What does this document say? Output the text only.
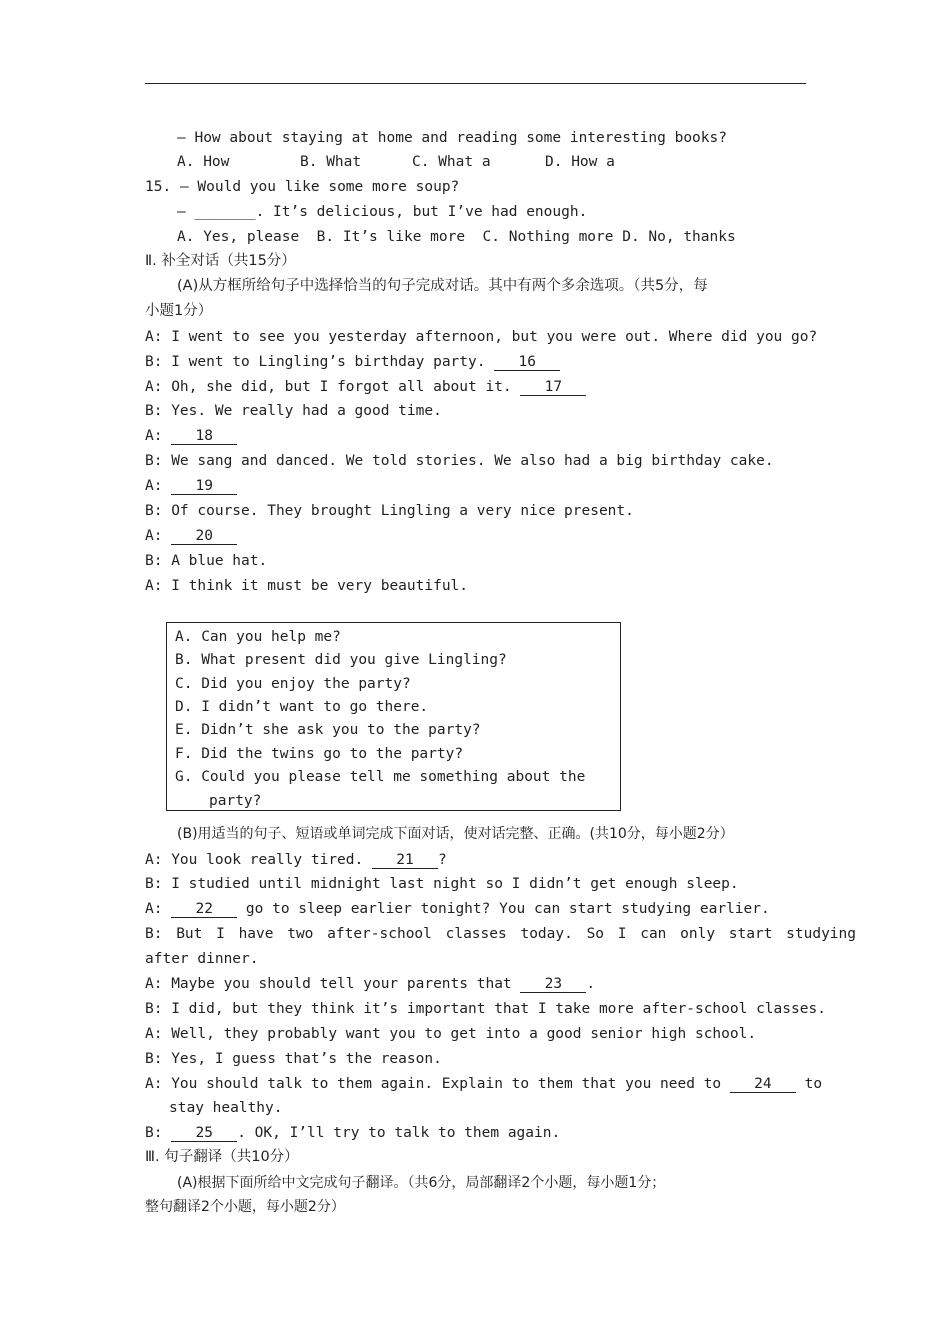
— How about staying at home and reading some interesting books?
A. How	B. What	C. What a	D. How a
15. — Would you like some more soup?
— _______. It’s delicious, but I’ve had enough.
A. Yes, please  B. It’s like more  C. Nothing more D. No, thanks
Ⅱ. 补全对话（共15分）
(A)从方框所给句子中选择恰当的句子完成对话。其中有两个多余选项。（共5分，每
小题1分）
A: I went to see you yesterday afternoon, but you were out. Where did you go?
B: I went to Lingling’s birthday party. 16
A: Oh, she did, but I forgot all about it. 17
B: Yes. We really had a good time.
A: 18
B: We sang and danced. We told stories. We also had a big birthday cake.
A: 19
B: Of course. They brought Lingling a very nice present.
A: 20
B: A blue hat.
A: I think it must be very beautiful.
A. Can you help me?
B. What present did you give Lingling?
C. Did you enjoy the party?
D. I didn’t want to go there.
E. Didn’t she ask you to the party?
F. Did the twins go to the party?
G. Could you please tell me something about the
party?
(B)用适当的句子、短语或单词完成下面对话，使对话完整、正确。(共10分，每小题2分）
A: You look really tired. 21 ?
B: I studied until midnight last night so I didn’t get enough sleep.
A: 22 go to sleep earlier tonight? You can start studying earlier.
B: But I have two after-school classes today. So I can only start studying
after dinner.
A: Maybe you should tell your parents that 23 .
B: I did, but they think it’s important that I take more after-school classes.
A: Well, they probably want you to get into a good senior high school.
B: Yes, I guess that’s the reason.
A: You should talk to them again. Explain to them that you need to 24 to
stay healthy.
B: 25 . OK, I’ll try to talk to them again.
Ⅲ. 句子翻译（共10分）
(A)根据下面所给中文完成句子翻译。（共6分，局部翻译2个小题，每小题1分；
整句翻译2个小题，每小题2分）
